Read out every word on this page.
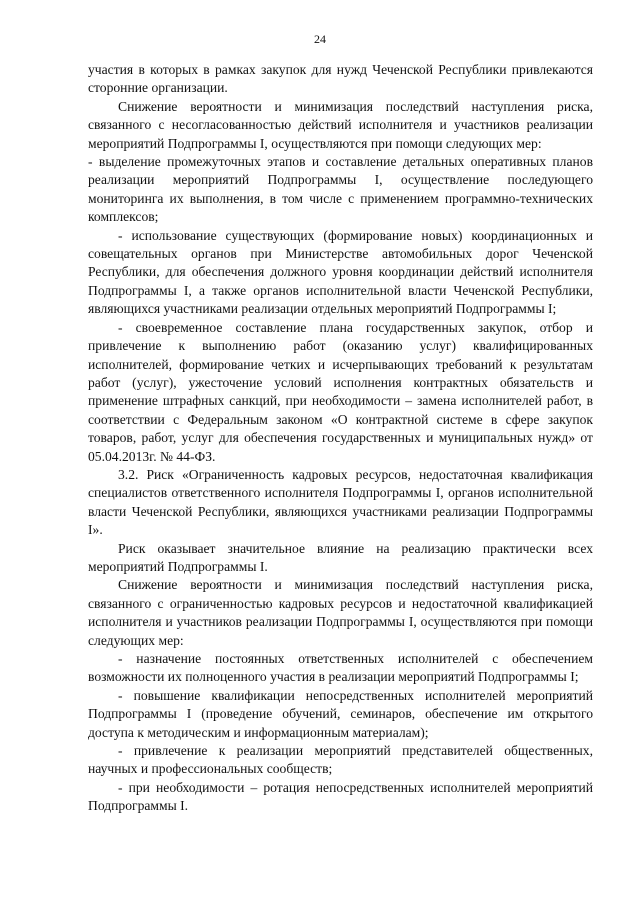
24

участия в которых в рамках закупок для нужд Чеченской Республики привлекаются сторонние организации.

Снижение вероятности и минимизация последствий наступления риска, связанного с несогласованностью действий исполнителя и участников реализации мероприятий Подпрограммы I, осуществляются при помощи следующих мер:

- выделение промежуточных этапов и составление детальных оперативных планов реализации мероприятий Подпрограммы I, осуществление последующего мониторинга их выполнения, в том числе с применением программно-технических комплексов;

- использование существующих (формирование новых) координационных и совещательных органов при Министерстве автомобильных дорог Чеченской Республики, для обеспечения должного уровня координации действий исполнителя Подпрограммы I, а также органов исполнительной власти Чеченской Республики, являющихся участниками реализации отдельных мероприятий Подпрограммы I;

- своевременное составление плана государственных закупок, отбор и привлечение к выполнению работ (оказанию услуг) квалифицированных исполнителей, формирование четких и исчерпывающих требований к результатам работ (услуг), ужесточение условий исполнения контрактных обязательств и применение штрафных санкций, при необходимости – замена исполнителей работ, в соответствии с Федеральным законом «О контрактной системе в сфере закупок товаров, работ, услуг для обеспечения государственных и муниципальных нужд» от 05.04.2013г. № 44-ФЗ.

3.2. Риск «Ограниченность кадровых ресурсов, недостаточная квалификация специалистов ответственного исполнителя Подпрограммы I, органов исполнительной власти Чеченской Республики, являющихся участниками реализации Подпрограммы I».

Риск оказывает значительное влияние на реализацию практически всех мероприятий Подпрограммы I.

Снижение вероятности и минимизация последствий наступления риска, связанного с ограниченностью кадровых ресурсов и недостаточной квалификацией исполнителя и участников реализации Подпрограммы I, осуществляются при помощи следующих мер:

- назначение постоянных ответственных исполнителей с обеспечением возможности их полноценного участия в реализации мероприятий Подпрограммы I;

- повышение квалификации непосредственных исполнителей мероприятий Подпрограммы I (проведение обучений, семинаров, обеспечение им открытого доступа к методическим и информационным материалам);

- привлечение к реализации мероприятий представителей общественных, научных и профессиональных сообществ;

- при необходимости – ротация непосредственных исполнителей мероприятий Подпрограммы I.
